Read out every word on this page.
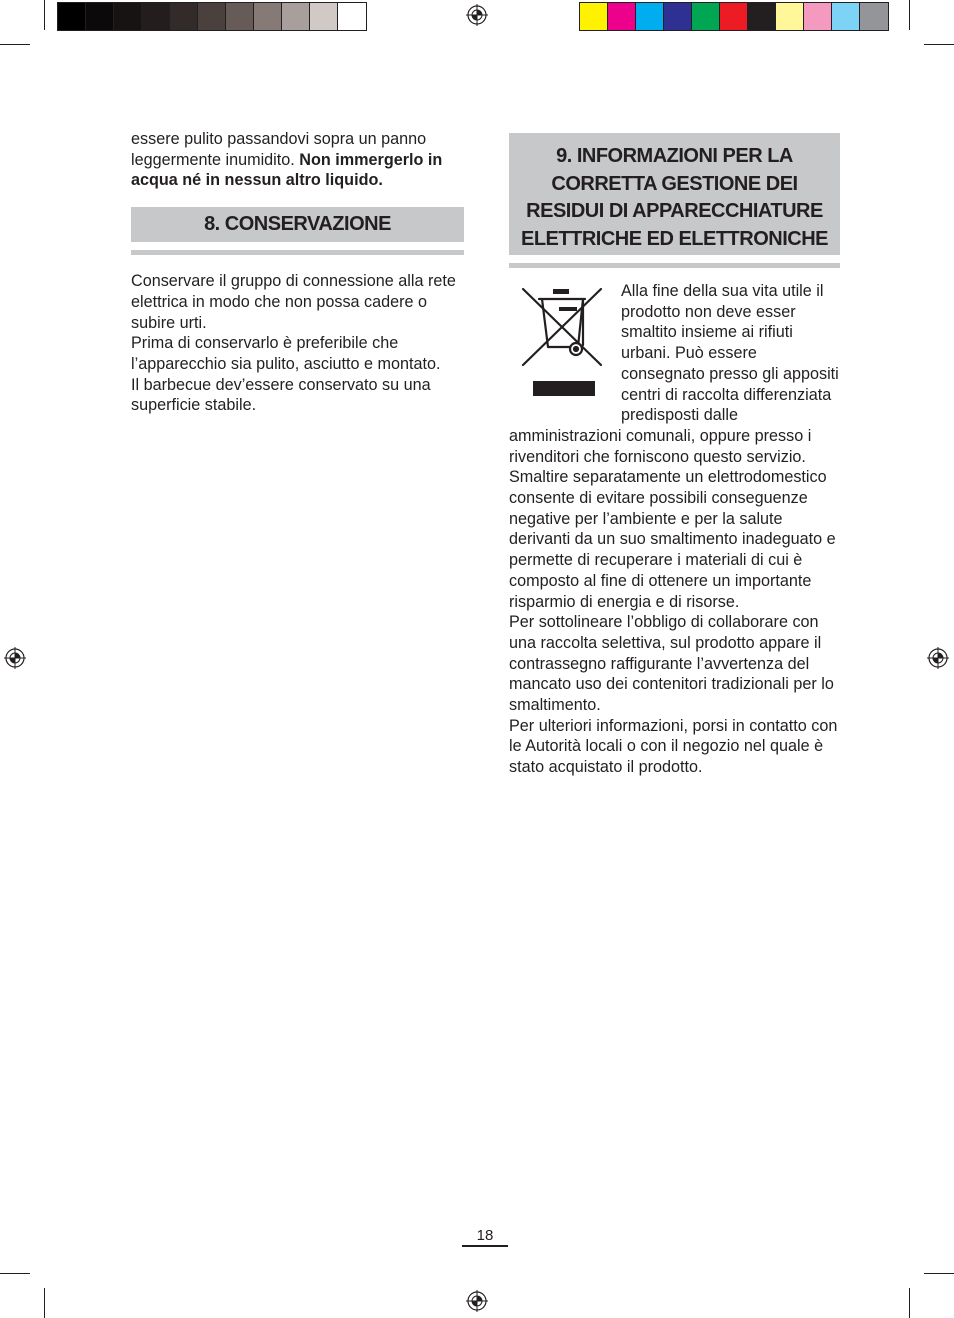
essere pulito passandovi sopra un panno leggermente inumidito. Non immergerlo in acqua né in nessun altro liquido.

8. CONSERVAZIONE

Conservare il gruppo di connessione alla rete elettrica in modo che non possa cadere o subire urti.

Prima di conservarlo è preferibile che l’apparecchio sia pulito, asciutto e montato.

Il barbecue dev’essere conservato su una superficie stabile.

9. INFORMAZIONI PER LA CORRETTA GESTIONE DEI RESIDUI DI APPARECCHIATURE ELETTRICHE ED ELETTRONICHE

Alla fine della sua vita utile il prodotto non deve esser smaltito insieme ai rifiuti urbani. Può essere consegnato presso gli appositi centri di raccolta differenziata predisposti dalle amministrazioni comunali, oppure presso i rivenditori che forniscono questo servizio. Smaltire separatamente un elettrodomestico consente di evitare possibili conseguenze negative per l’ambiente e per la salute derivanti da un suo smaltimento inadeguato e permette di recuperare i materiali di cui è composto al fine di ottenere un importante risparmio di energia e di risorse.

Per sottolineare l’obbligo di collaborare con una raccolta selettiva, sul prodotto appare il contrassegno raffigurante l’avvertenza del mancato uso dei contenitori tradizionali per lo smaltimento.

Per ulteriori informazioni, porsi in contatto con le Autorità locali o con il negozio nel quale è stato acquistato il prodotto.

18
